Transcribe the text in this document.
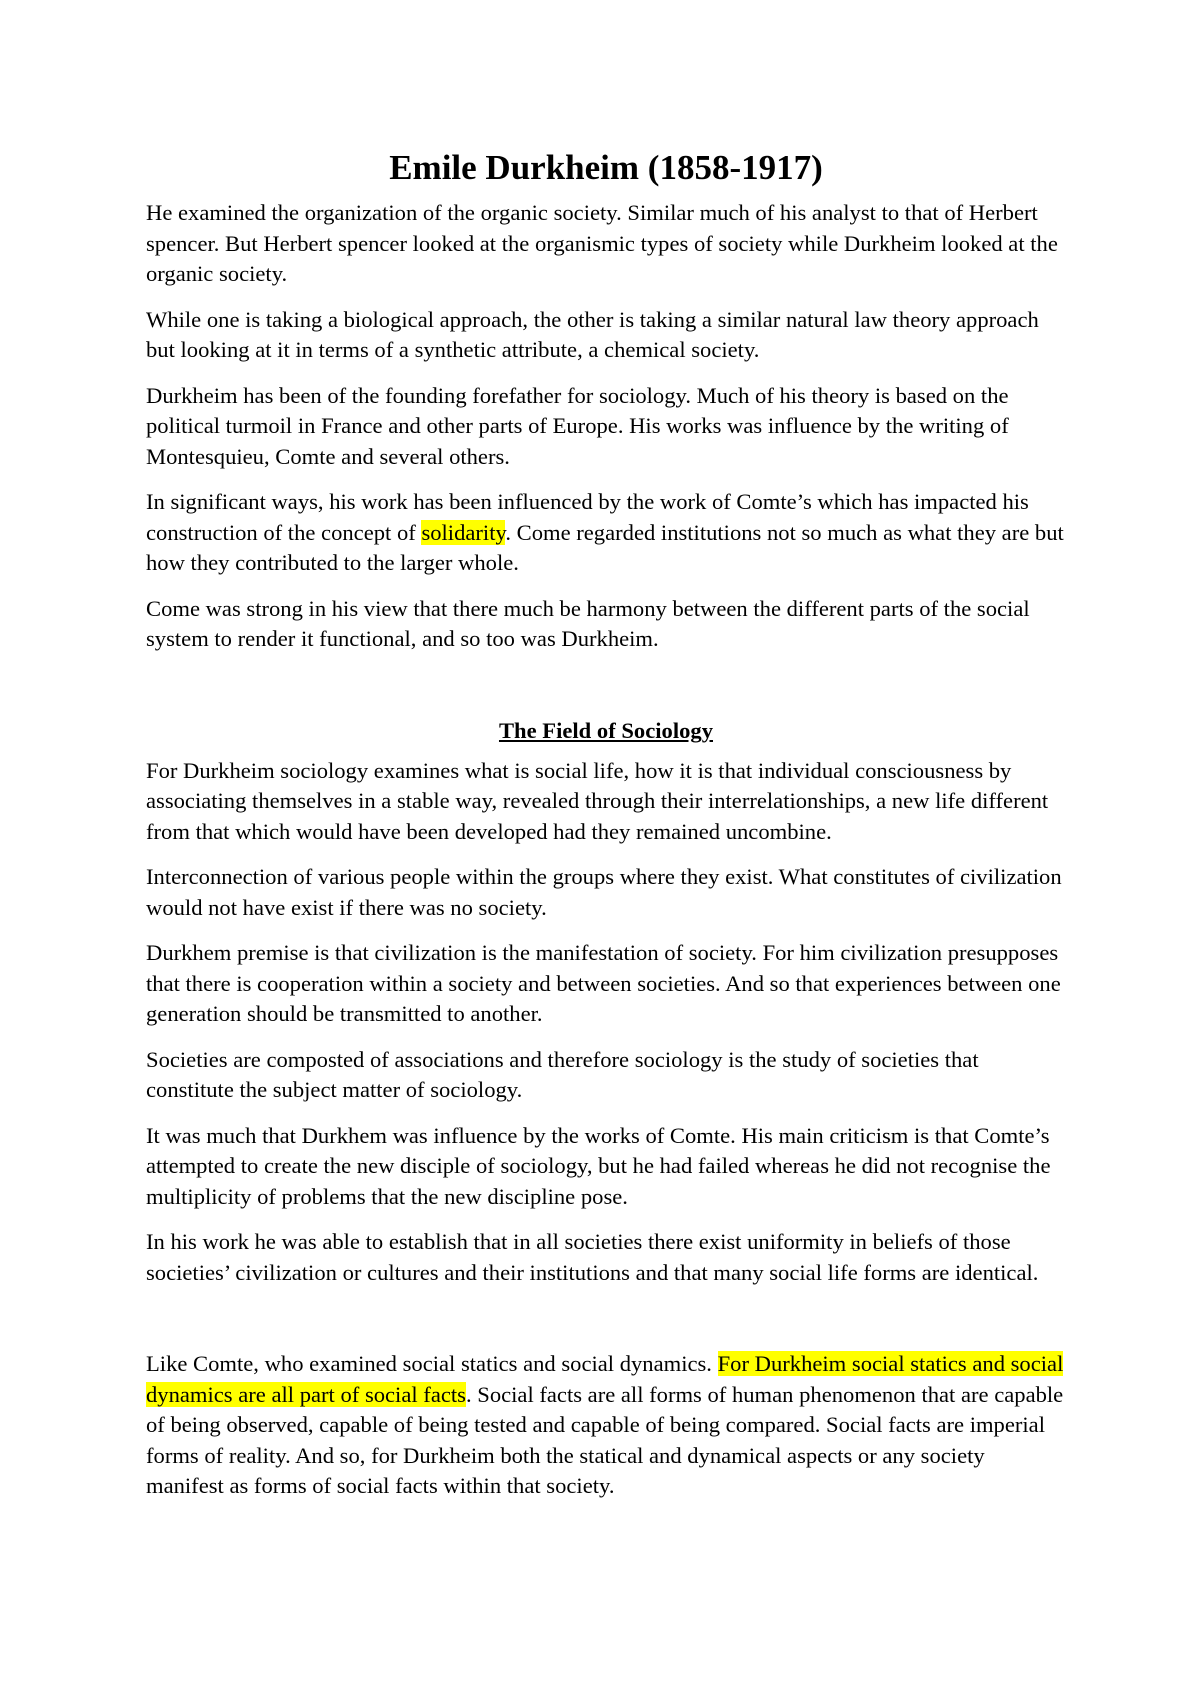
Emile Durkheim (1858-1917)

He examined the organization of the organic society. Similar much of his analyst to that of Herbert spencer. But Herbert spencer looked at the organismic types of society while Durkheim looked at the organic society.

While one is taking a biological approach, the other is taking a similar natural law theory approach but looking at it in terms of a synthetic attribute, a chemical society.

Durkheim has been of the founding forefather for sociology. Much of his theory is based on the political turmoil in France and other parts of Europe. His works was influence by the writing of Montesquieu, Comte and several others.

In significant ways, his work has been influenced by the work of Comte’s which has impacted his construction of the concept of solidarity. Come regarded institutions not so much as what they are but how they contributed to the larger whole.

Come was strong in his view that there much be harmony between the different parts of the social system to render it functional, and so too was Durkheim.

The Field of Sociology

For Durkheim sociology examines what is social life, how it is that individual consciousness by associating themselves in a stable way, revealed through their interrelationships, a new life different from that which would have been developed had they remained uncombine.

Interconnection of various people within the groups where they exist. What constitutes of civilization would not have exist if there was no society.

Durkhem premise is that civilization is the manifestation of society. For him civilization presupposes that there is cooperation within a society and between societies. And so that experiences between one generation should be transmitted to another.

Societies are composted of associations and therefore sociology is the study of societies that constitute the subject matter of sociology.

It was much that Durkhem was influence by the works of Comte. His main criticism is that Comte’s attempted to create the new disciple of sociology, but he had failed whereas he did not recognise the multiplicity of problems that the new discipline pose.

In his work he was able to establish that in all societies there exist uniformity in beliefs of those societies’ civilization or cultures and their institutions and that many social life forms are identical.

Like Comte, who examined social statics and social dynamics. For Durkheim social statics and social dynamics are all part of social facts. Social facts are all forms of human phenomenon that are capable of being observed, capable of being tested and capable of being compared. Social facts are imperial forms of reality. And so, for Durkheim both the statical and dynamical aspects or any society manifest as forms of social facts within that society.
